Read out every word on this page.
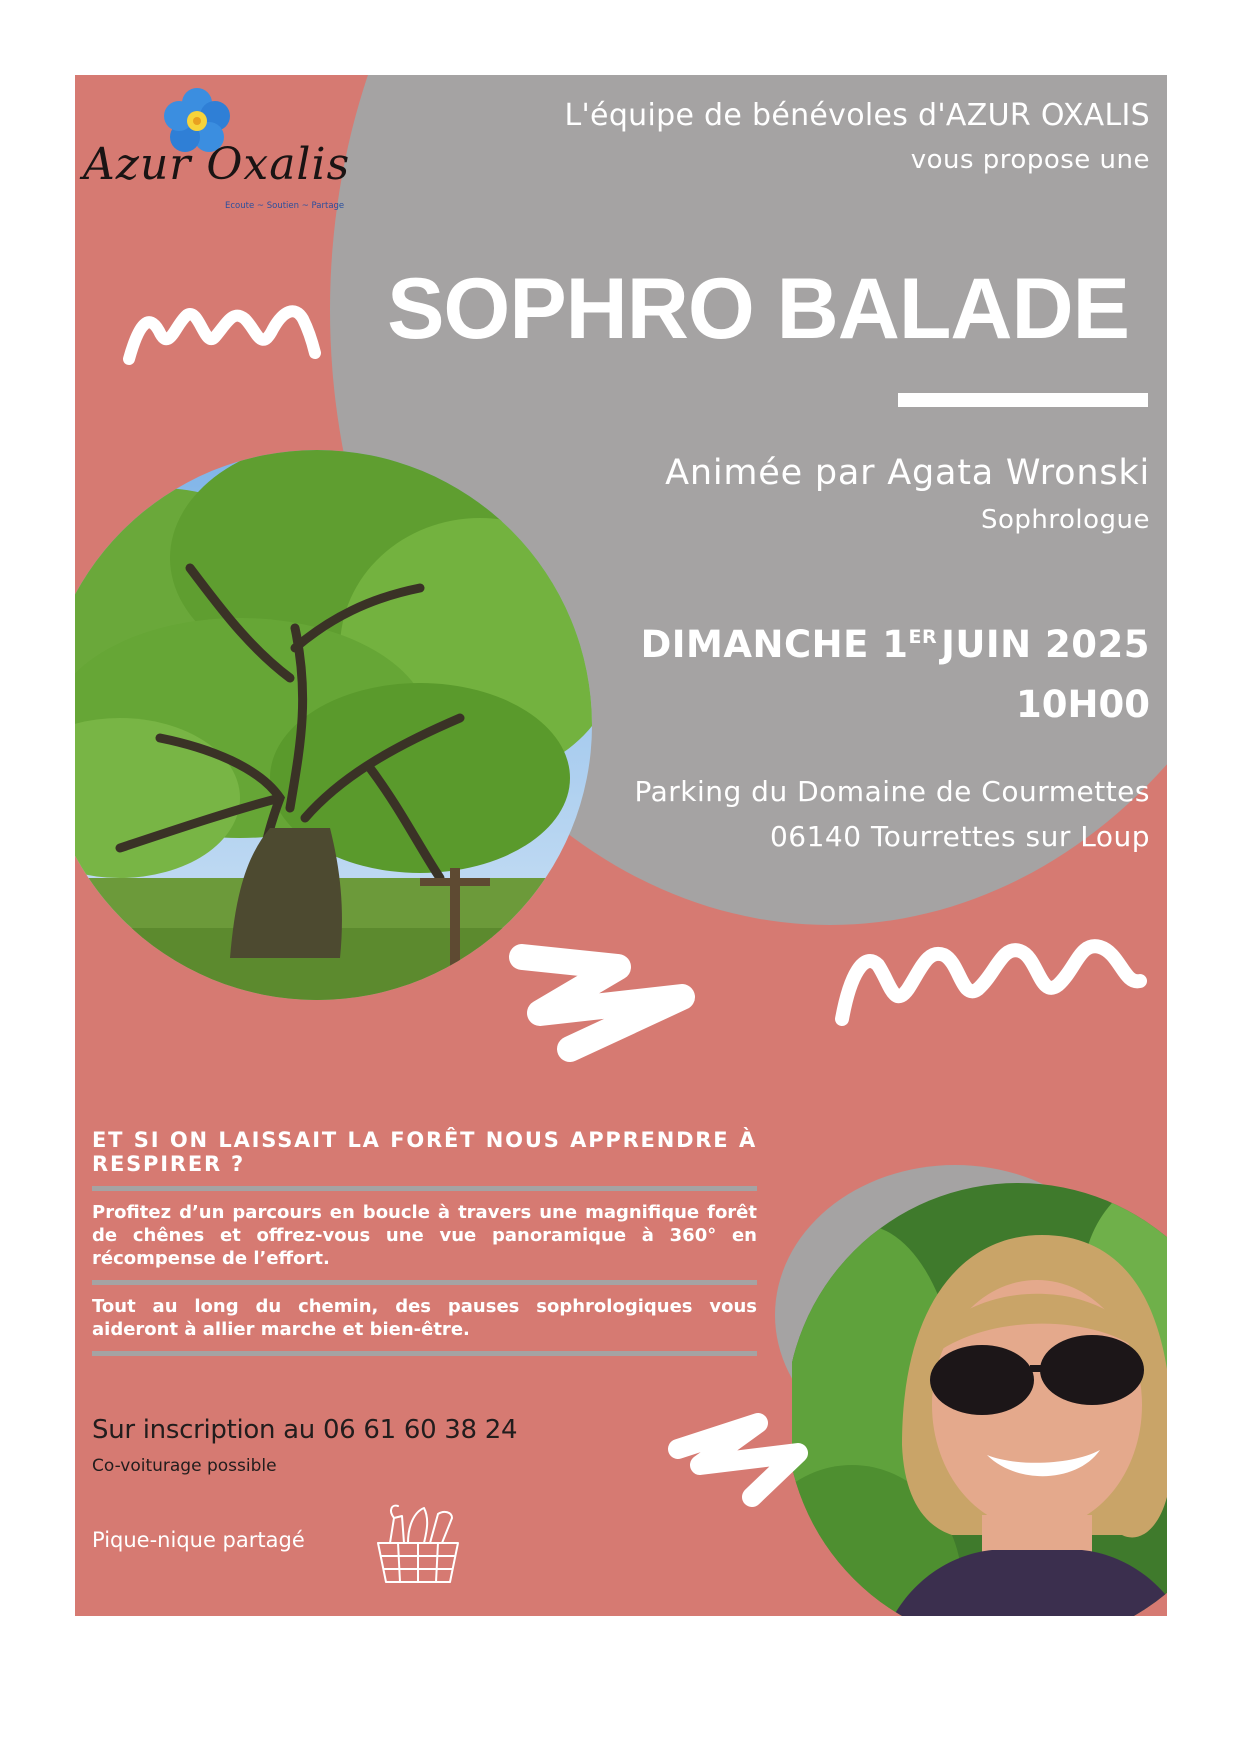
Azur Oxalis

Ecoute ~ Soutien ~ Partage

L'équipe de bénévoles d'AZUR OXALIS

vous propose une

SOPHRO BALADE

Animée par Agata Wronski

Sophrologue

DIMANCHE 1ER JUIN 2025

10H00

Parking du Domaine de Courmettes

06140 Tourrettes sur Loup

ET SI ON LAISSAIT LA FORÊT NOUS APPRENDRE À RESPIRER ?

Profitez d’un parcours en boucle à travers une magnifique forêt de chênes et offrez-vous une vue panoramique à 360° en récompense de l’effort.

Tout au long du chemin, des pauses sophrologiques vous aideront à allier marche et bien-être.

Sur inscription au 06 61 60 38 24

Co-voiturage possible

Pique-nique partagé
